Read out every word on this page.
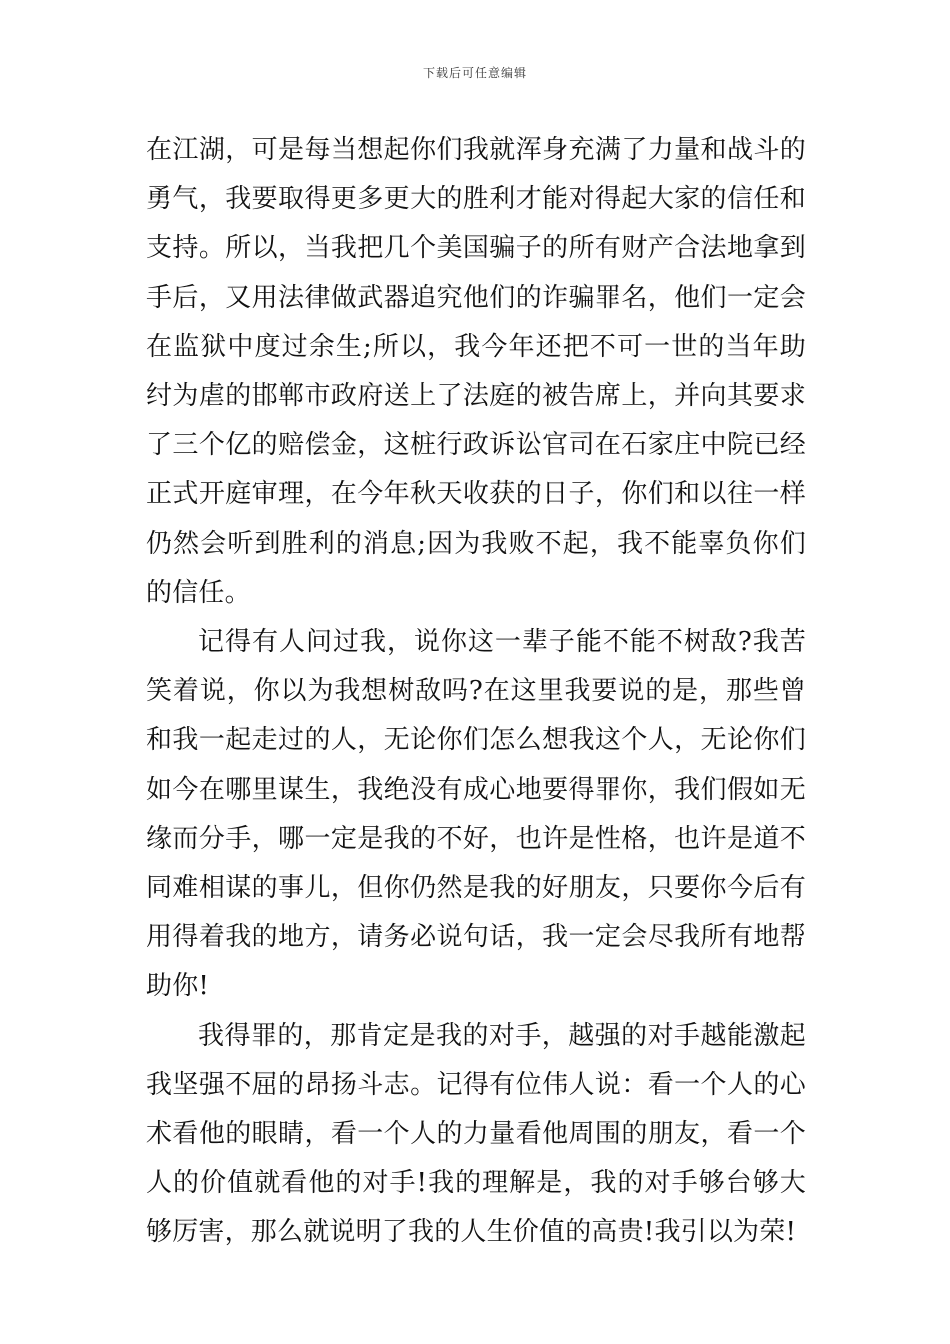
下载后可任意编辑

在江湖，可是每当想起你们我就浑身充满了力量和战斗的勇气，我要取得更多更大的胜利才能对得起大家的信任和支持。所以，当我把几个美国骗子的所有财产合法地拿到手后，又用法律做武器追究他们的诈骗罪名，他们一定会在监狱中度过余生;所以，我今年还把不可一世的当年助纣为虐的邯郸市政府送上了法庭的被告席上，并向其要求了三个亿的赔偿金，这桩行政诉讼官司在石家庄中院已经正式开庭审理，在今年秋天收获的日子，你们和以往一样仍然会听到胜利的消息;因为我败不起，我不能辜负你们的信任。

记得有人问过我，说你这一辈子能不能不树敌?我苦笑着说，你以为我想树敌吗?在这里我要说的是，那些曾和我一起走过的人，无论你们怎么想我这个人，无论你们如今在哪里谋生，我绝没有成心地要得罪你，我们假如无缘而分手，哪一定是我的不好，也许是性格，也许是道不同难相谋的事儿，但你仍然是我的好朋友，只要你今后有用得着我的地方，请务必说句话，我一定会尽我所有地帮助你!

我得罪的，那肯定是我的对手，越强的对手越能激起我坚强不屈的昂扬斗志。记得有位伟人说：看一个人的心术看他的眼睛，看一个人的力量看他周围的朋友，看一个人的价值就看他的对手!我的理解是，我的对手够台够大够厉害，那么就说明了我的人生价值的高贵!我引以为荣!
